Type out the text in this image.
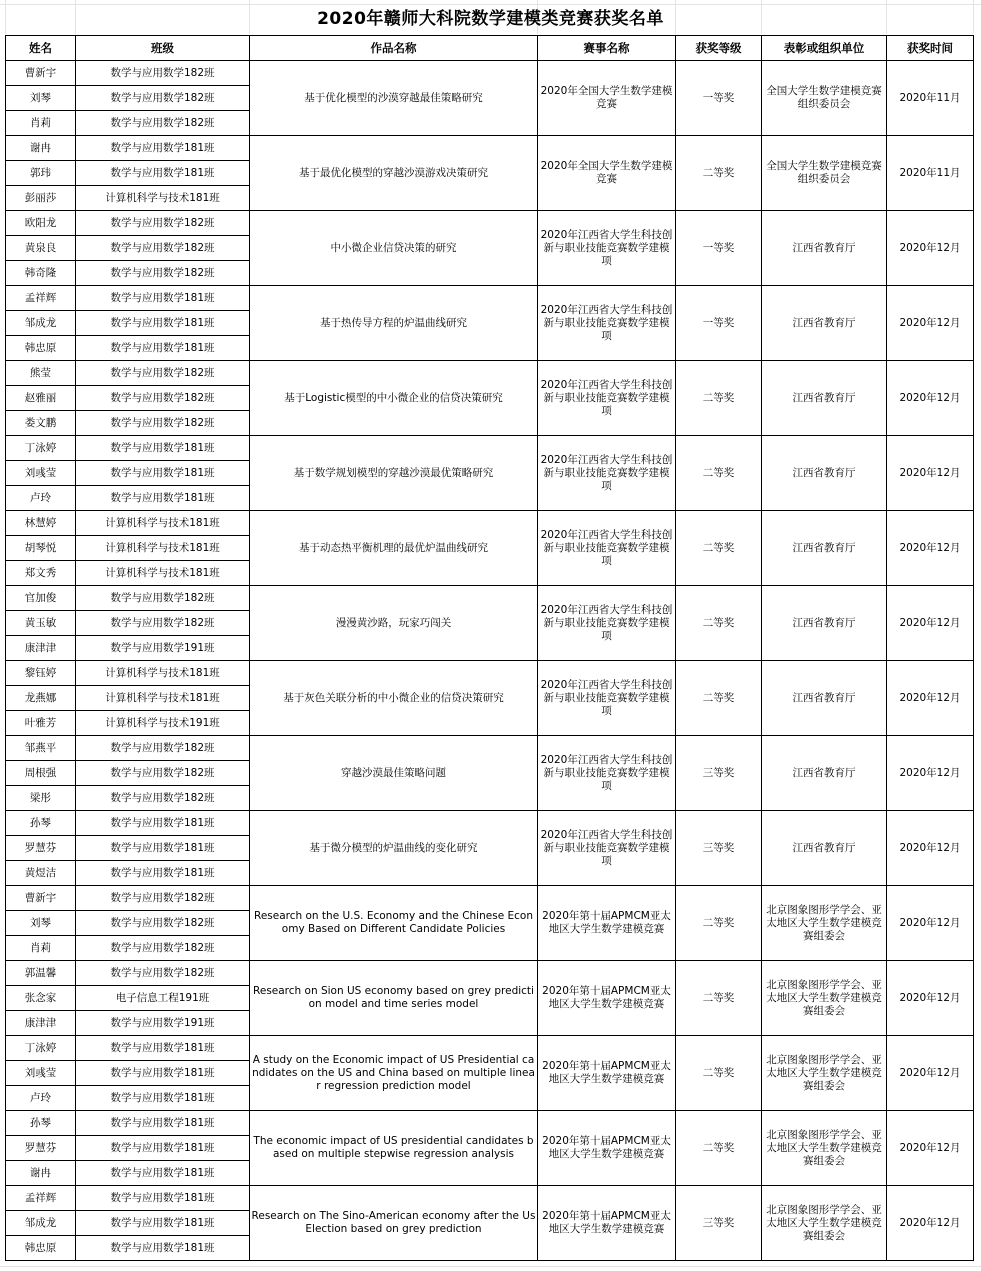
2020年赣师大科院数学建模类竞赛获奖名单
姓名	班级	作品名称	赛事名称	获奖等级	表彰或组织单位	获奖时间
曹新宇	数学与应用数学182班	基于优化模型的沙漠穿越最佳策略研究	2020年全国大学生数学建模竞赛	一等奖	全国大学生数学建模竞赛组织委员会	2020年11月
刘琴	数学与应用数学182班					
肖莉	数学与应用数学182班					
谢冉	数学与应用数学181班	基于最优化模型的穿越沙漠游戏决策研究	2020年全国大学生数学建模竞赛	二等奖	全国大学生数学建模竞赛组织委员会	2020年11月
郭玮	数学与应用数学181班					
彭丽莎	计算机科学与技术181班					
欧阳龙	数学与应用数学182班	中小微企业信贷决策的研究	2020年江西省大学生科技创新与职业技能竞赛数学建模项	一等奖	江西省教育厅	2020年12月
黄泉良	数学与应用数学182班					
韩奇隆	数学与应用数学182班					
孟祥辉	数学与应用数学181班	基于热传导方程的炉温曲线研究	2020年江西省大学生科技创新与职业技能竞赛数学建模项	一等奖	江西省教育厅	2020年12月
邹成龙	数学与应用数学181班					
韩忠原	数学与应用数学181班					
熊莹	数学与应用数学182班	基于Logistic模型的中小微企业的信贷决策研究	2020年江西省大学生科技创新与职业技能竞赛数学建模项	二等奖	江西省教育厅	2020年12月
赵雅丽	数学与应用数学182班					
娄文鹏	数学与应用数学182班					
丁泳婷	数学与应用数学181班	基于数学规划模型的穿越沙漠最优策略研究	2020年江西省大学生科技创新与职业技能竞赛数学建模项	二等奖	江西省教育厅	2020年12月
刘彧莹	数学与应用数学181班					
卢玲	数学与应用数学181班					
林慧婷	计算机科学与技术181班	基于动态热平衡机理的最优炉温曲线研究	2020年江西省大学生科技创新与职业技能竞赛数学建模项	二等奖	江西省教育厅	2020年12月
胡琴悦	计算机科学与技术181班					
郑文秀	计算机科学与技术181班					
官加俊	数学与应用数学182班	漫漫黄沙路，玩家巧闯关	2020年江西省大学生科技创新与职业技能竞赛数学建模项	二等奖	江西省教育厅	2020年12月
黄玉敏	数学与应用数学182班					
康津津	数学与应用数学191班					
黎钰婷	计算机科学与技术181班	基于灰色关联分析的中小微企业的信贷决策研究	2020年江西省大学生科技创新与职业技能竞赛数学建模项	二等奖	江西省教育厅	2020年12月
龙燕娜	计算机科学与技术181班					
叶雅芳	计算机科学与技术191班					
邹燕平	数学与应用数学182班	穿越沙漠最佳策略问题	2020年江西省大学生科技创新与职业技能竞赛数学建模项	三等奖	江西省教育厅	2020年12月
周根强	数学与应用数学182班					
梁彤	数学与应用数学182班					
孙琴	数学与应用数学181班	基于微分模型的炉温曲线的变化研究	2020年江西省大学生科技创新与职业技能竞赛数学建模项	三等奖	江西省教育厅	2020年12月
罗慧芬	数学与应用数学181班					
黄煜洁	数学与应用数学181班					
曹新宇	数学与应用数学182班	Research on the U.S. Economy and the Chinese Economy Based on Different Candidate Policies	2020年第十届APMCM亚太地区大学生数学建模竞赛	二等奖	北京图象图形学学会、亚太地区大学生数学建模竞赛组委会	2020年12月
刘琴	数学与应用数学182班					
肖莉	数学与应用数学182班					
郭温馨	数学与应用数学182班	Research on Sion US economy based on grey prediction model and time series model	2020年第十届APMCM亚太地区大学生数学建模竞赛	二等奖	北京图象图形学学会、亚太地区大学生数学建模竞赛组委会	2020年12月
张念家	电子信息工程191班					
康津津	数学与应用数学191班					
丁泳婷	数学与应用数学181班	A study on the Economic impact of US Presidential candidates on the US and China based on multiple linear regression prediction model	2020年第十届APMCM亚太地区大学生数学建模竞赛	二等奖	北京图象图形学学会、亚太地区大学生数学建模竞赛组委会	2020年12月
刘彧莹	数学与应用数学181班					
卢玲	数学与应用数学181班					
孙琴	数学与应用数学181班	The economic impact of US presidential candidates based on multiple stepwise regression analysis	2020年第十届APMCM亚太地区大学生数学建模竞赛	二等奖	北京图象图形学学会、亚太地区大学生数学建模竞赛组委会	2020年12月
罗慧芬	数学与应用数学181班					
谢冉	数学与应用数学181班					
孟祥辉	数学与应用数学181班	Research on The Sino-American economy after the Us Election based on grey prediction	2020年第十届APMCM亚太地区大学生数学建模竞赛	三等奖	北京图象图形学学会、亚太地区大学生数学建模竞赛组委会	2020年12月
邹成龙	数学与应用数学181班					
韩忠原	数学与应用数学181班					
